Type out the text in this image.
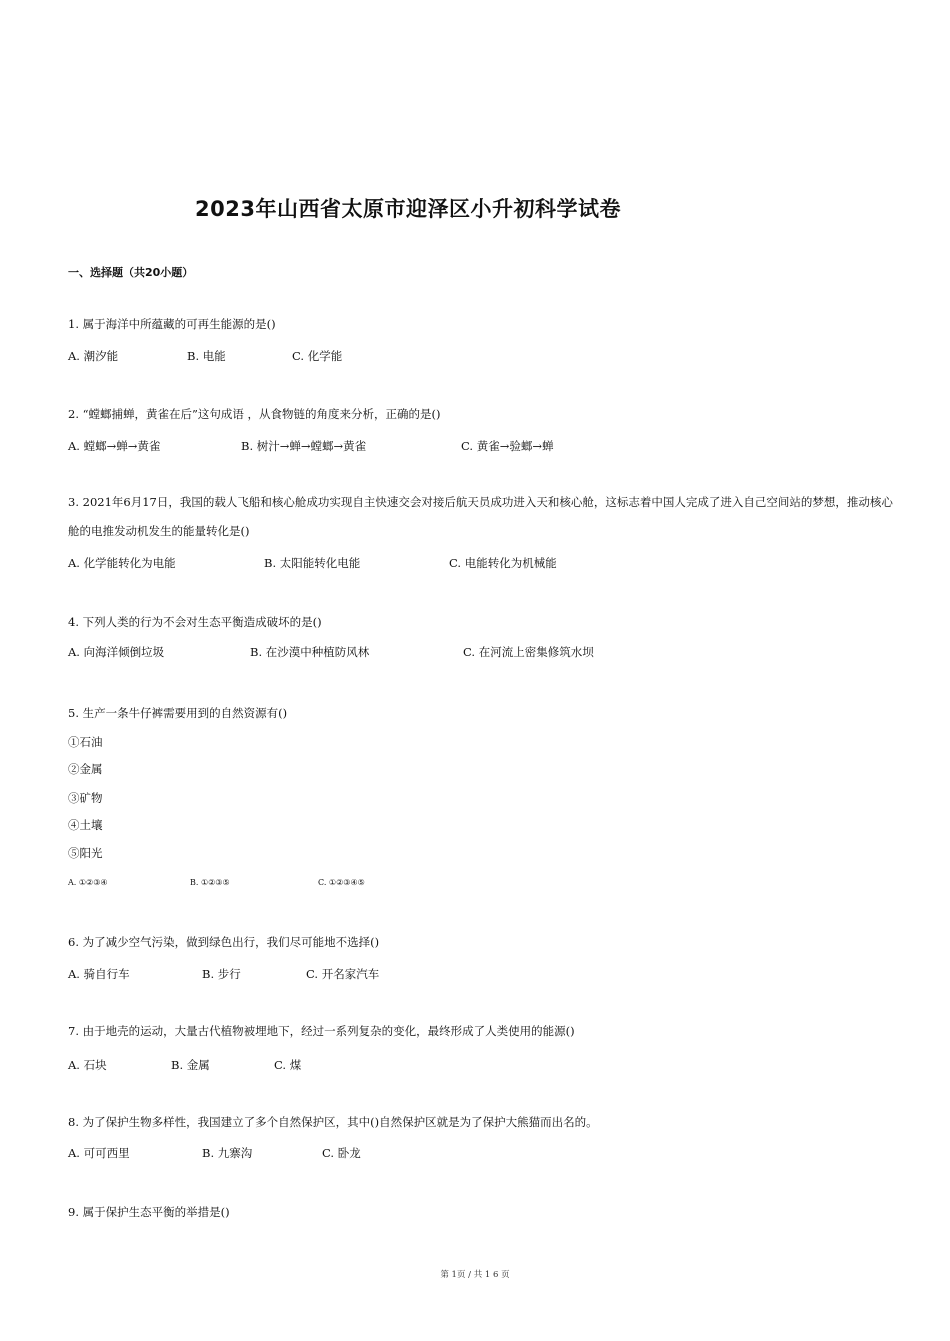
2023年山西省太原市迎泽区小升初科学试卷
一、选择题（共20小题）
1. 属于海洋中所蕴藏的可再生能源的是()
A. 潮汐能	B. 电能	C. 化学能
2. “螳螂捕蝉，黄雀在后”这句成语 ，从食物链的角度来分析，正确的是()
A. 螳螂→蝉→黄雀	B. 树汁→蝉→螳螂→黄雀	C. 黄雀→验螂→蝉
3. 2021年6月17日，我国的载人飞船和核心舱成功实现自主快速交会对接后航天员成功进入天和核心舱，这标志着中国人完成了进入自己空间站的梦想，推动核心舱的电推发动机发生的能量转化是()
A. 化学能转化为电能	B. 太阳能转化电能	C. 电能转化为机械能
4. 下列人类的行为不会对生态平衡造成破坏的是()
A. 向海洋倾倒垃圾	B. 在沙漠中种植防风林	C. 在河流上密集修筑水坝
5. 生产一条牛仔裤需要用到的自然资源有()
①石油
②金属
③矿物
④土壤
⑤阳光
A. ①②③④	B. ①②③⑤	C. ①②③④⑤
6. 为了减少空气污染，做到绿色出行，我们尽可能地不选择()
A. 骑自行车	B. 步行	C. 开名家汽车
7. 由于地壳的运动，大量古代植物被埋地下，经过一系列复杂的变化，最终形成了人类使用的能源()
A. 石块	B. 金属	C. 煤
8. 为了保护生物多样性，我国建立了多个自然保护区，其中()自然保护区就是为了保护大熊猫而出名的。
A. 可可西里	B. 九寨沟	C. 卧龙
9. 属于保护生态平衡的举措是()
第 1页 / 共 1 6 页
